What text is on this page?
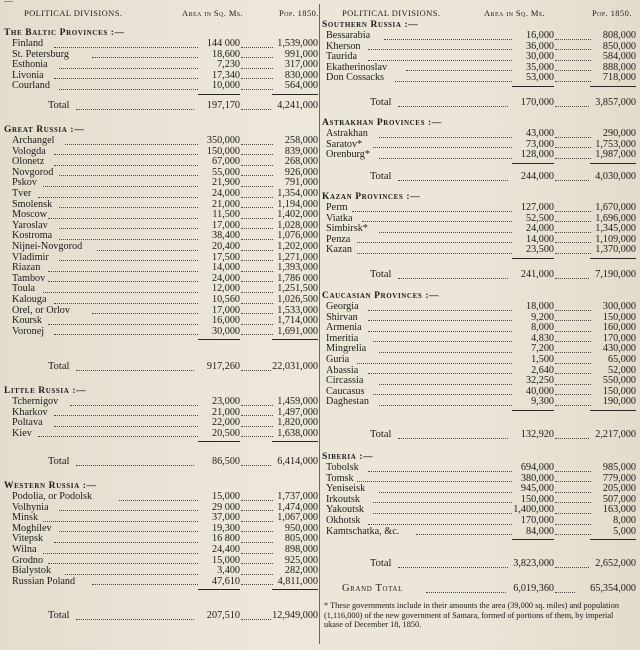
—
POLITICAL DIVISIONS.	Area in Sq. Ms.	Pop. 1850.
The Baltic Provinces :—
Finland	144 000	1,539,000
St. Petersburg	18,600	991,000
Esthonia	7,230	317,000
Livonia	17,340	830,000
Courland	10,000	564,000
Total	197,170	4,241,000
Great Russia :—
Archangel	350,000	258,000
Vologda	150,000	839,000
Olonetz	67,000	268,000
Novgorod	55,000	926,000
Pskov	21,900	791,000
Tver	24,000	1,354,000
Smolensk	21,000	1,194,000
Moscow	11,500	1,402,000
Yaroslav	17,000	1,028,000
Kostroma	38,400	1,076,000
Nijnei-Novgorod	20,400	1,202,000
Vladimir	17,500	1,271,000
Riazan	14,000	1,393,000
Tambov	24,000	1,786 000
Toula	12,000	1,251,500
Kalouga	10,560	1,026,500
Orel, or Orlov	17,000	1,533,000
Koursk	16,000	1,714,000
Voronej	30,000	1,691,000
Total	917,260	22,031,000
Little Russia :—
Tchernigov	23,000	1,459,000
Kharkov	21,000	1,497,000
Poltava	22,000	1,820,000
Kiev	20,500	1,638,000
Total	86,500	6,414,000
Western Russia :—
Podolia, or Podolsk	15,000	1,737,000
Volhynia	29 000	1,474,000
Minsk	37,000	1,067,000
Moghilev	19,300	950,000
Vitepsk	16 800	805,000
Wilna	24,400	898,000
Grodno	15,000	925,000
Bialystok	3,400	282,000
Russian Poland	47,610	4,811,000
Total	207,510	12,949,000
POLITICAL DIVISIONS.	Area in Sq. Ms.	Pop. 1850.
Southern Russia :—
Bessarabia	16,000	808,000
Kherson	36,000	850,000
Taurida	30,000	584,000
Ekatherinoslav	35,000	888,000
Don Cossacks	53,000	718,000
Total	170,000	3,857,000
Astrakhan Provinces :—
Astrakhan	43,000	290,000
Saratov*	73,000	1,753,000
Orenburg*	128,000	1,987,000
Total	244,000	4,030,000
Kazan Provinces :—
Perm	127,000	1,670,000
Viatka	52,500	1,696,000
Simbirsk*	24,000	1,345,000
Penza	14,000	1,109,000
Kazan	23,500	1,370,000
Total	241,000	7,190,000
Caucasian Provinces :—
Georgia	18,000	300,000
Shirvan	9,200	150,000
Armenia	8,000	160,000
Imeritia	4,830	170,000
Mingrelia	7,200	430,000
Guria	1,500	65,000
Abassia	2,640	52,000
Circassia	32,250	550,000
Caucasus	40,000	150,000
Daghestan	9,300	190,000
Total	132,920	2,217,000
Siberia :—
Tobolsk	694,000	985,000
Tomsk	380,000	779,000
Yeniseisk	945,000	205,000
Irkoutsk	150,000	507,000
Yakoutsk	1,400,000	163,000
Okhotsk	170,000	8,000
Kamtschatka, &c.	84,000	5,000
Total	3,823,000	2,652,000
Grand Total	6,019,360	65,354,000
* These governments include in their amounts the area (39,000 sq. miles) and population (1,116,000) of the new government of Samara, formed of portions of them, by imperial ukase of December 18, 1850.
